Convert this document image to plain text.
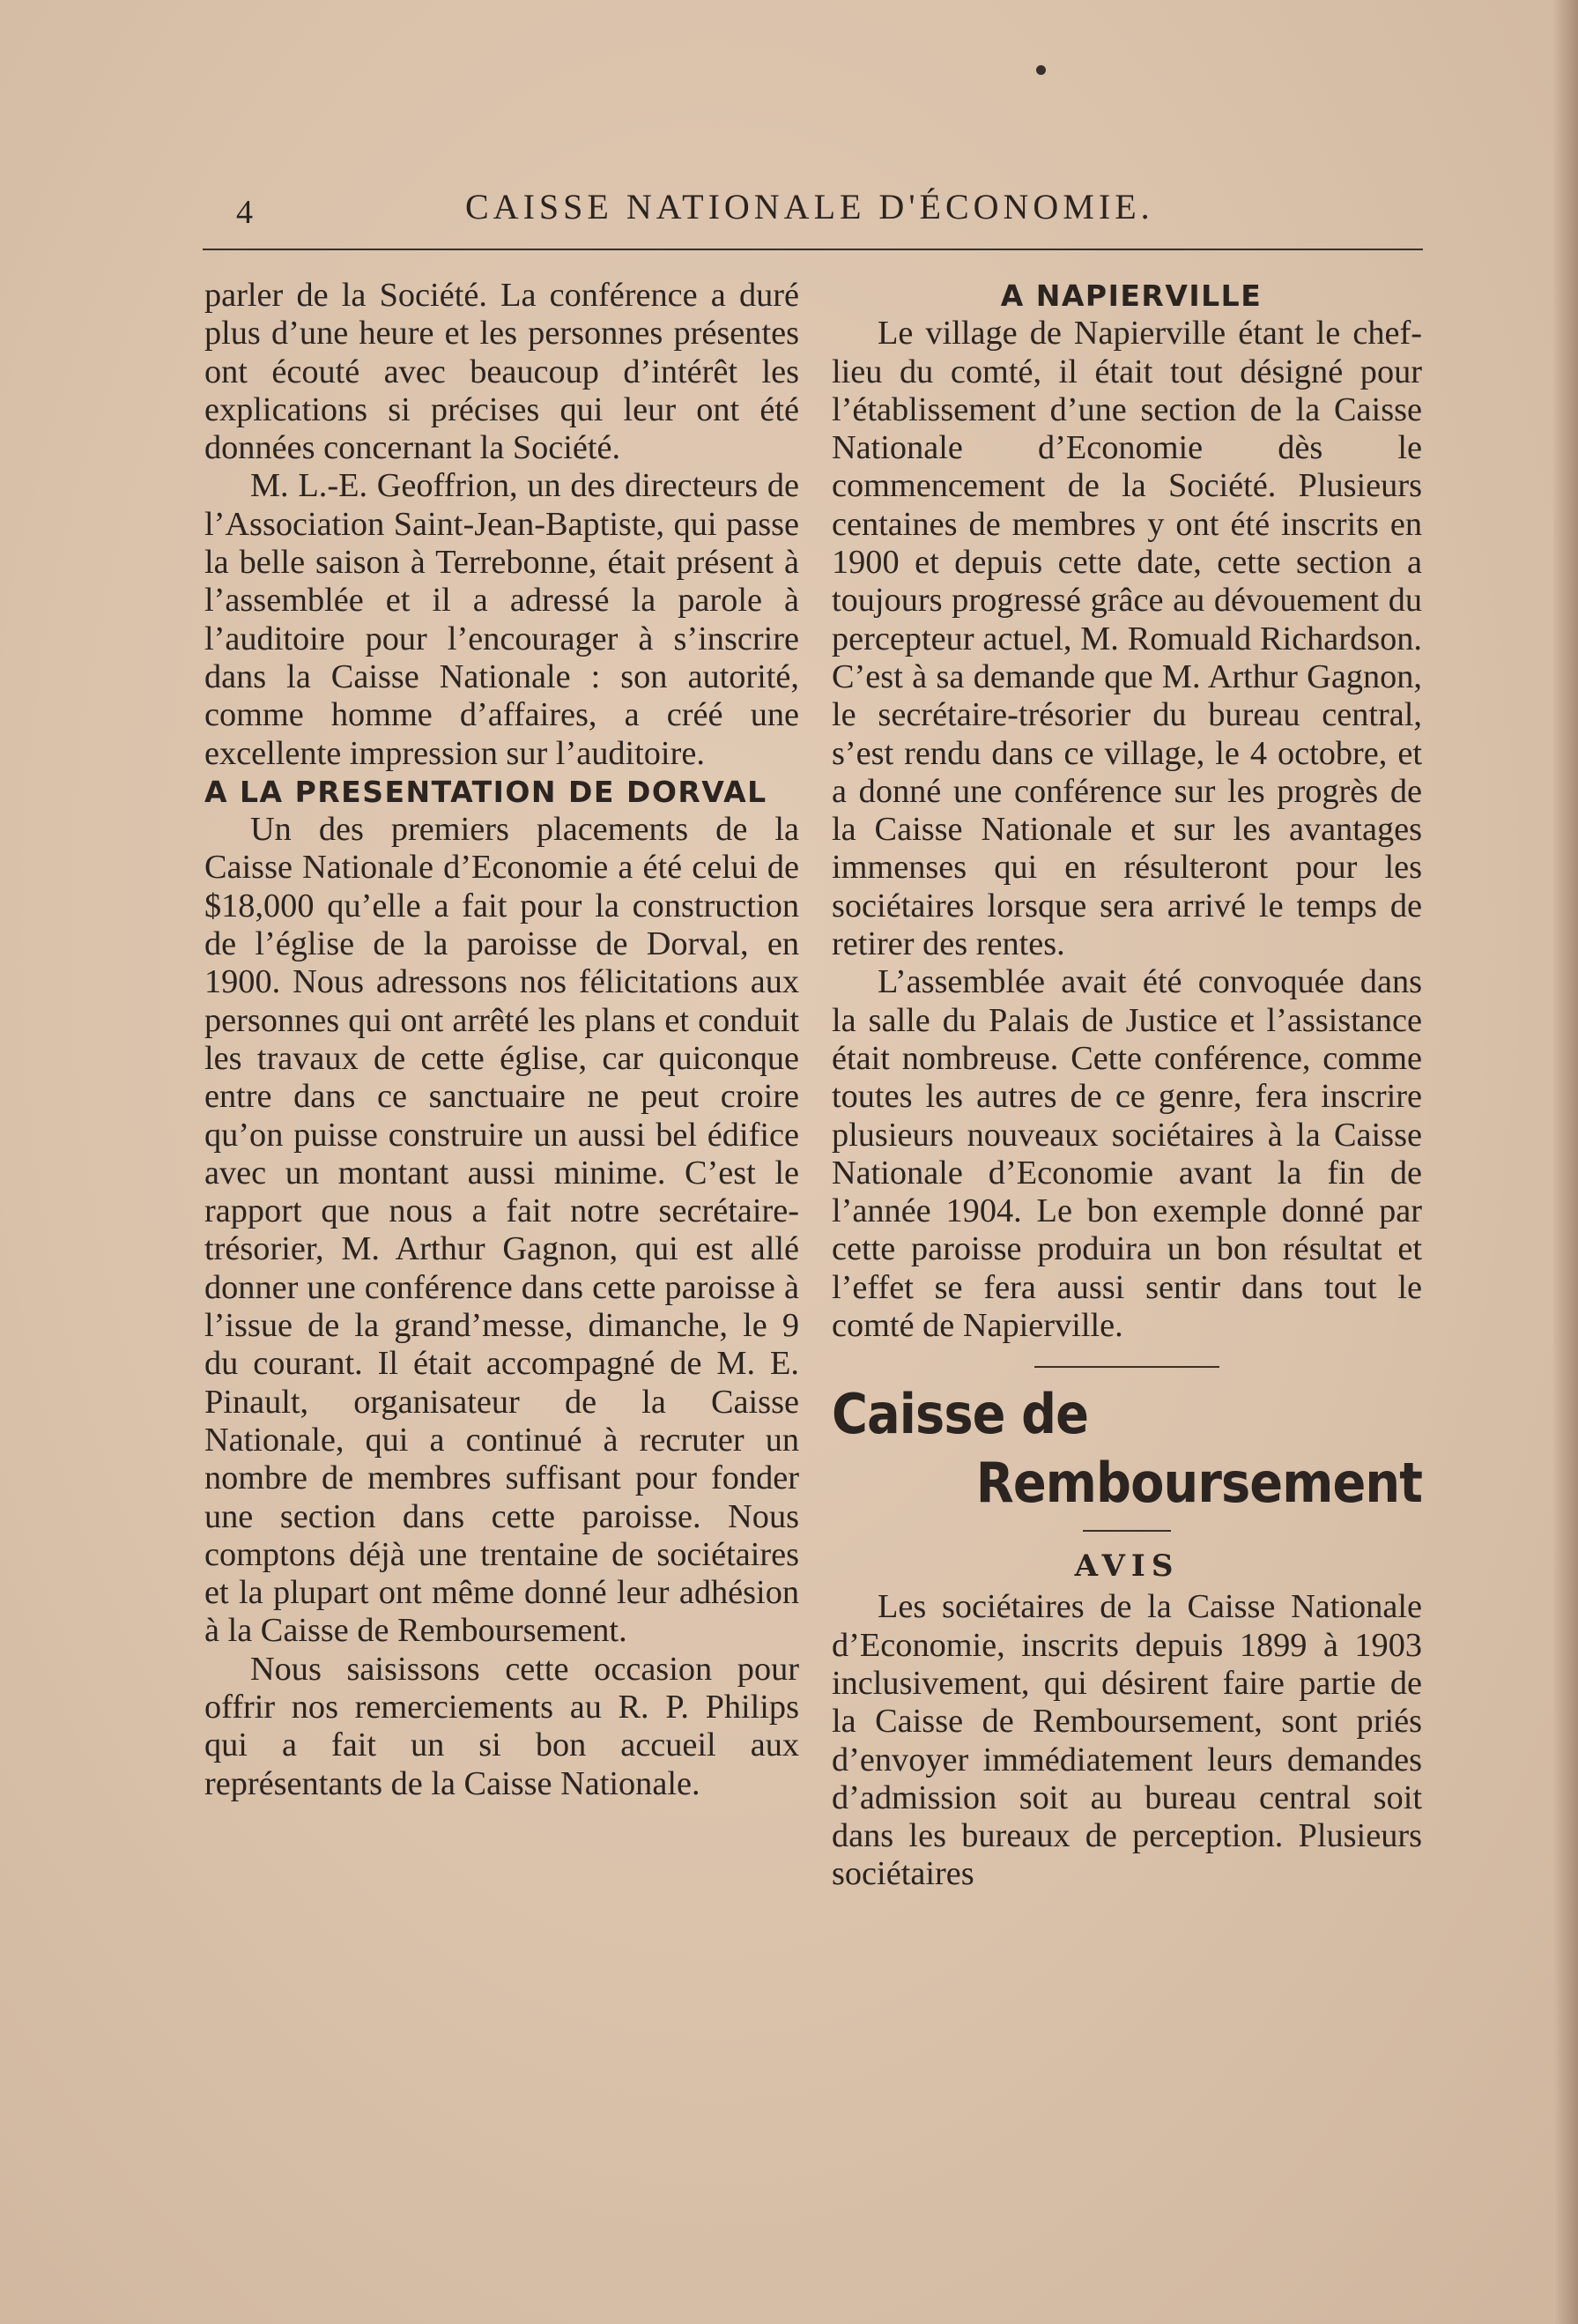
4	CAISSE NATIONALE D'ÉCONOMIE.

parler de la Société. La conférence a duré plus d’une heure et les personnes présentes ont écouté avec beaucoup d’intérêt les explications si précises qui leur ont été données concernant la Société.

M. L.-E. Geoffrion, un des directeurs de l’Association Saint-Jean-Baptiste, qui passe la belle saison à Terrebonne, était présent à l’assemblée et il a adressé la parole à l’auditoire pour l’encourager à s’inscrire dans la Caisse Nationale : son autorité, comme homme d’affaires, a créé une excellente impression sur l’auditoire.

A LA PRESENTATION DE DORVAL

Un des premiers placements de la Caisse Nationale d’Economie a été celui de $18,000 qu’elle a fait pour la construction de l’église de la paroisse de Dorval, en 1900. Nous adressons nos félicitations aux personnes qui ont arrêté les plans et conduit les travaux de cette église, car quiconque entre dans ce sanctuaire ne peut croire qu’on puisse construire un aussi bel édifice avec un montant aussi minime. C’est le rapport que nous a fait notre secrétaire-trésorier, M. Arthur Gagnon, qui est allé donner une conférence dans cette paroisse à l’issue de la grand’messe, dimanche, le 9 du courant. Il était accompagné de M. E. Pinault, organisateur de la Caisse Nationale, qui a continué à recruter un nombre de membres suffisant pour fonder une section dans cette paroisse. Nous comptons déjà une trentaine de sociétaires et la plupart ont même donné leur adhésion à la Caisse de Remboursement.

Nous saisissons cette occasion pour offrir nos remerciements au R. P. Philips qui a fait un si bon accueil aux représentants de la Caisse Nationale.

A NAPIERVILLE

Le village de Napierville étant le chef-lieu du comté, il était tout désigné pour l’établissement d’une section de la Caisse Nationale d’Economie dès le commencement de la Société. Plusieurs centaines de membres y ont été inscrits en 1900 et depuis cette date, cette section a toujours progressé grâce au dévouement du percepteur actuel, M. Romuald Richardson. C’est à sa demande que M. Arthur Gagnon, le secrétaire-trésorier du bureau central, s’est rendu dans ce village, le 4 octobre, et a donné une conférence sur les progrès de la Caisse Nationale et sur les avantages immenses qui en résulteront pour les sociétaires lorsque sera arrivé le temps de retirer des rentes.

L’assemblée avait été convoquée dans la salle du Palais de Justice et l’assistance était nombreuse. Cette conférence, comme toutes les autres de ce genre, fera inscrire plusieurs nouveaux sociétaires à la Caisse Nationale d’Economie avant la fin de l’année 1904. Le bon exemple donné par cette paroisse produira un bon résultat et l’effet se fera aussi sentir dans tout le comté de Napierville.

Caisse de

Remboursement

AVIS

Les sociétaires de la Caisse Nationale d’Economie, inscrits depuis 1899 à 1903 inclusivement, qui désirent faire partie de la Caisse de Remboursement, sont priés d’envoyer immédiatement leurs demandes d’admission soit au bureau central soit dans les bureaux de perception. Plusieurs sociétaires
